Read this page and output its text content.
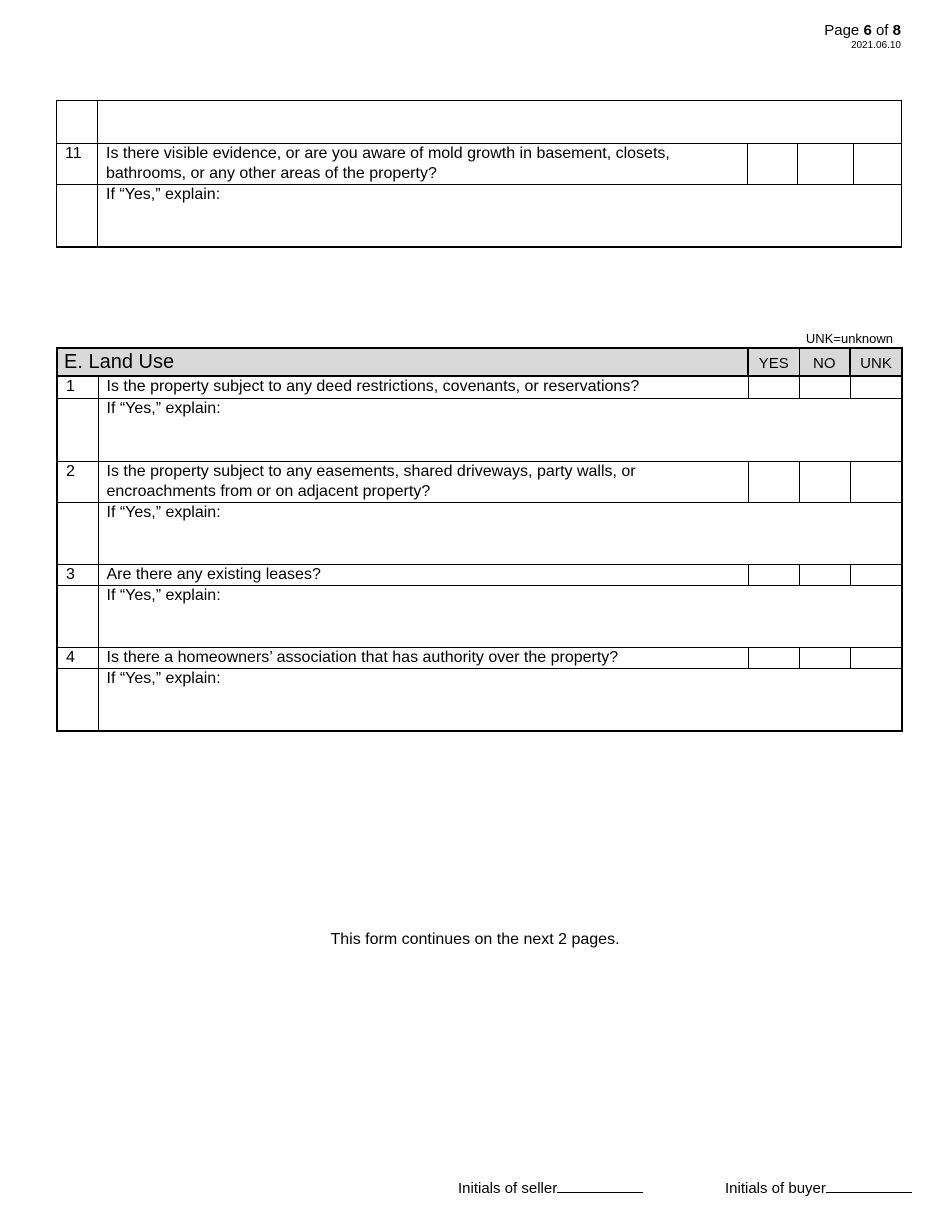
Page 6 of 8
2021.06.10

11	Is there visible evidence, or are you aware of mold growth in basement, closets,
bathrooms, or any other areas of the property?			
	If “Yes,” explain:			
UNK=unknown
E. Land Use		YES	NO	UNK
1	Is the property subject to any deed restrictions, covenants, or reservations?			
	If “Yes,” explain:			
2	Is the property subject to any easements, shared driveways, party walls, or
encroachments from or on adjacent property?			
	If “Yes,” explain:			
3	Are there any existing leases?			
	If “Yes,” explain:			
4	Is there a homeowners’ association that has authority over the property?			
	If “Yes,” explain:			
This form continues on the next 2 pages.
Initials of seller	Initials of buyer
